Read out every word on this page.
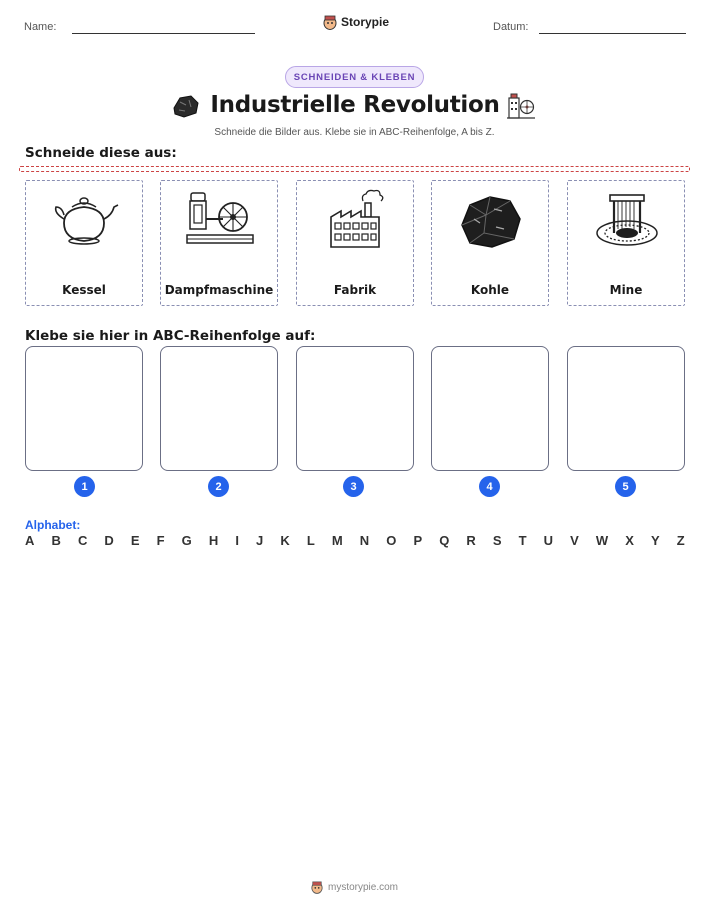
Name:	Storypie	Datum:
SCHNEIDEN & KLEBEN
Industrielle Revolution
Schneide die Bilder aus. Klebe sie in ABC-Reihenfolge, A bis Z.
Schneide diese aus:
Kessel	Dampfmaschine	Fabrik	Kohle	Mine
Klebe sie hier in ABC-Reihenfolge auf:
1	2	3	4	5
Alphabet:
A B C D E F G H I J K L M N O P Q R S T U V W X Y Z
mystorypie.com
